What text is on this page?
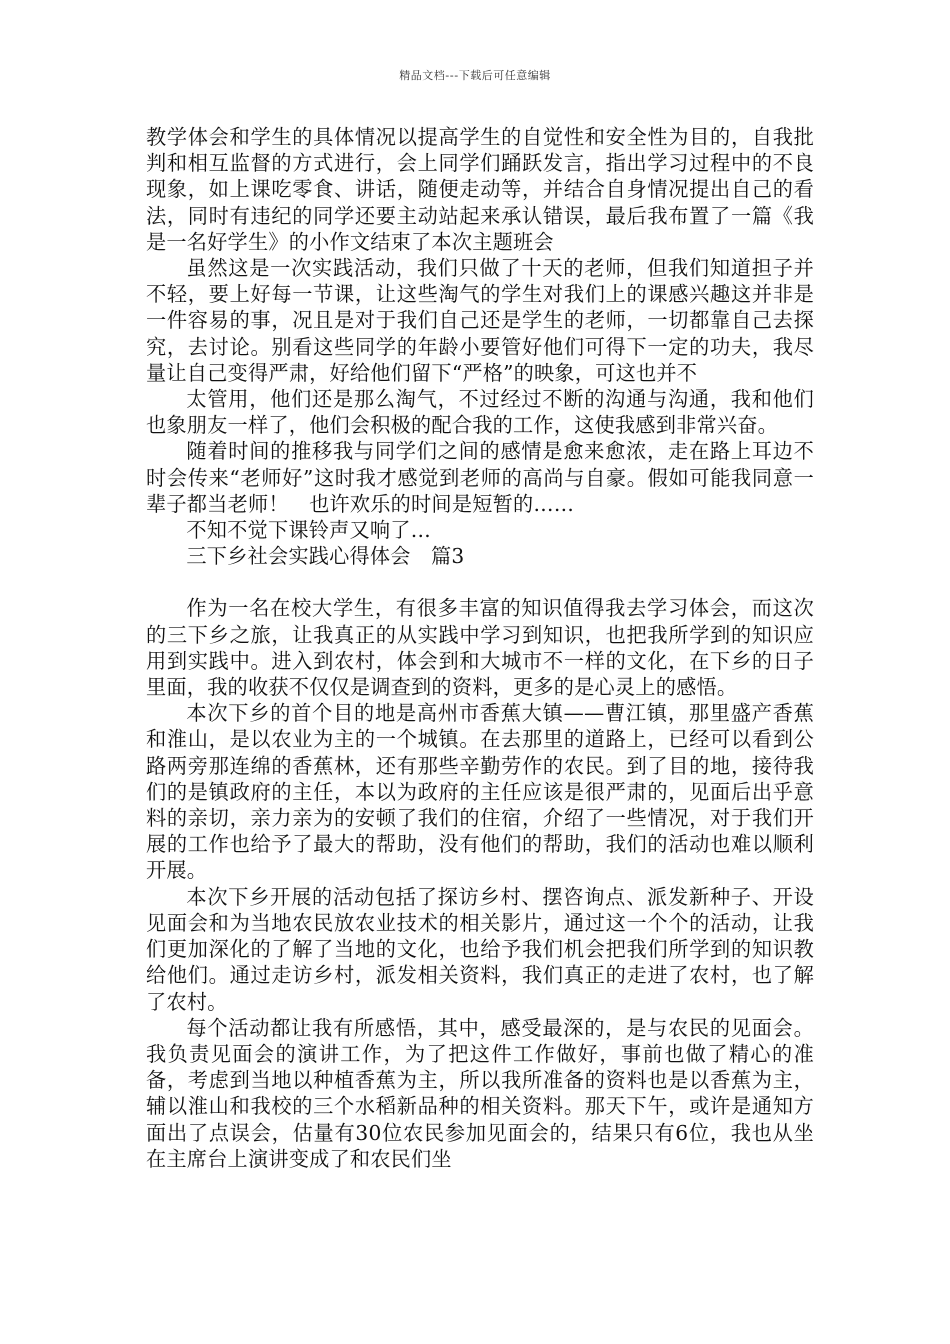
精品文档---下载后可任意编辑

教学体会和学生的具体情况以提高学生的自觉性和安全性为目的，自我批判和相互监督的方式进行，会上同学们踊跃发言，指出学习过程中的不良现象，如上课吃零食、讲话，随便走动等，并结合自身情况提出自己的看法，同时有违纪的同学还要主动站起来承认错误，最后我布置了一篇《我是一名好学生》的小作文结束了本次主题班会

虽然这是一次实践活动，我们只做了十天的老师，但我们知道担子并不轻，要上好每一节课，让这些淘气的学生对我们上的课感兴趣这并非是一件容易的事，况且是对于我们自己还是学生的老师，一切都靠自己去探究，去讨论。别看这些同学的年龄小要管好他们可得下一定的功夫，我尽量让自己变得严肃，好给他们留下“严格”的映象，可这也并不

太管用，他们还是那么淘气，不过经过不断的沟通与沟通，我和他们也象朋友一样了，他们会积极的配合我的工作，这使我感到非常兴奋。

随着时间的推移我与同学们之间的感情是愈来愈浓，走在路上耳边不时会传来“老师好”这时我才感觉到老师的高尚与自豪。假如可能我同意一辈子都当老师！　也许欢乐的时间是短暂的……

不知不觉下课铃声又响了…

三下乡社会实践心得体会　篇3

作为一名在校大学生，有很多丰富的知识值得我去学习体会，而这次的三下乡之旅，让我真正的从实践中学习到知识，也把我所学到的知识应用到实践中。进入到农村，体会到和大城市不一样的文化，在下乡的日子里面，我的收获不仅仅是调查到的资料，更多的是心灵上的感悟。

本次下乡的首个目的地是高州市香蕉大镇——曹江镇，那里盛产香蕉和淮山，是以农业为主的一个城镇。在去那里的道路上，已经可以看到公路两旁那连绵的香蕉林，还有那些辛勤劳作的农民。到了目的地，接待我们的是镇政府的主任，本以为政府的主任应该是很严肃的，见面后出乎意料的亲切，亲力亲为的安顿了我们的住宿，介绍了一些情况，对于我们开展的工作也给予了最大的帮助，没有他们的帮助，我们的活动也难以顺利开展。

本次下乡开展的活动包括了探访乡村、摆咨询点、派发新种子、开设见面会和为当地农民放农业技术的相关影片，通过这一个个的活动，让我们更加深化的了解了当地的文化，也给予我们机会把我们所学到的知识教给他们。通过走访乡村，派发相关资料，我们真正的走进了农村，也了解了农村。

每个活动都让我有所感悟，其中，感受最深的，是与农民的见面会。我负责见面会的演讲工作，为了把这件工作做好，事前也做了精心的准备，考虑到当地以种植香蕉为主，所以我所准备的资料也是以香蕉为主，辅以淮山和我校的三个水稻新品种的相关资料。那天下午，或许是通知方面出了点误会，估量有30位农民参加见面会的，结果只有6位，我也从坐在主席台上演讲变成了和农民们坐
